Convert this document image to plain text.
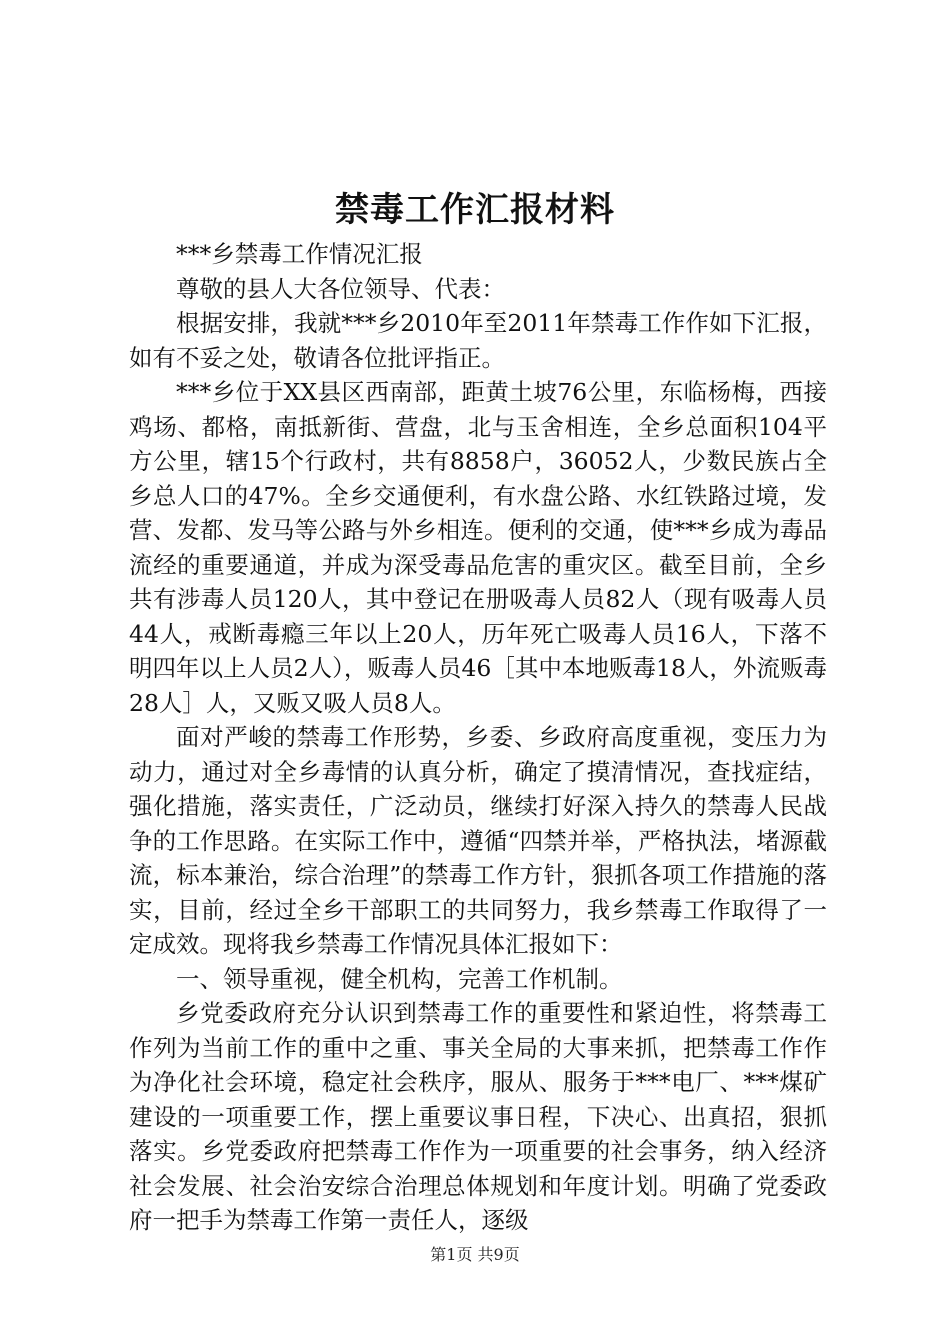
禁毒工作汇报材料

***乡禁毒工作情况汇报

尊敬的县人大各位领导、代表：

根据安排，我就***乡2010年至2011年禁毒工作作如下汇报，如有不妥之处，敬请各位批评指正。

***乡位于XX县区西南部，距黄土坡76公里，东临杨梅，西接鸡场、都格，南抵新街、营盘，北与玉舍相连，全乡总面积104平方公里，辖15个行政村，共有8858户，36052人，少数民族占全乡总人口的47%。全乡交通便利，有水盘公路、水红铁路过境，发营、发都、发马等公路与外乡相连。便利的交通，使***乡成为毒品流经的重要通道，并成为深受毒品危害的重灾区。截至目前，全乡共有涉毒人员120人，其中登记在册吸毒人员82人（现有吸毒人员44人，戒断毒瘾三年以上20人，历年死亡吸毒人员16人，下落不明四年以上人员2人），贩毒人员46［其中本地贩毒18人，外流贩毒28人］人，又贩又吸人员8人。

面对严峻的禁毒工作形势，乡委、乡政府高度重视，变压力为动力，通过对全乡毒情的认真分析，确定了摸清情况，查找症结，强化措施，落实责任，广泛动员，继续打好深入持久的禁毒人民战争的工作思路。在实际工作中，遵循“四禁并举，严格执法，堵源截流，标本兼治，综合治理”的禁毒工作方针，狠抓各项工作措施的落实，目前，经过全乡干部职工的共同努力，我乡禁毒工作取得了一定成效。现将我乡禁毒工作情况具体汇报如下：

一、领导重视，健全机构，完善工作机制。

乡党委政府充分认识到禁毒工作的重要性和紧迫性，将禁毒工作列为当前工作的重中之重、事关全局的大事来抓，把禁毒工作作为净化社会环境，稳定社会秩序，服从、服务于***电厂、***煤矿建设的一项重要工作，摆上重要议事日程，下决心、出真招，狠抓落实。乡党委政府把禁毒工作作为一项重要的社会事务，纳入经济社会发展、社会治安综合治理总体规划和年度计划。明确了党委政府一把手为禁毒工作第一责任人，逐级

第1页 共9页
